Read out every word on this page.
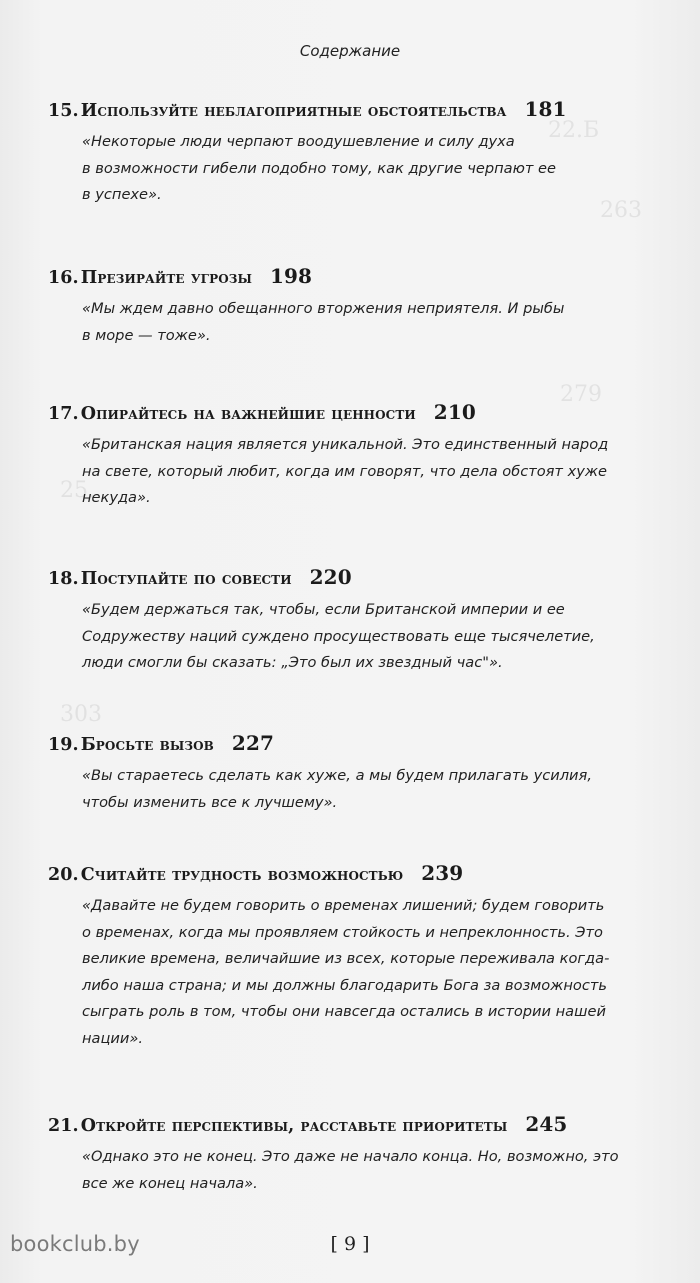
22.Б
263
279
25.
303
Содержание
15. Используйте неблагоприятные обстоятельства 181
«Некоторые люди черпают воодушевление и силу духа
в возможности гибели подобно тому, как другие черпают ее
в успехе».
16. Презирайте угрозы 198
«Мы ждем давно обещанного вторжения неприятеля. И рыбы
в море — тоже».
17. Опирайтесь на важнейшие ценности 210
«Британская нация является уникальной. Это единственный народ
на свете, который любит, когда им говорят, что дела обстоят хуже
некуда».
18. Поступайте по совести 220
«Будем держаться так, чтобы, если Британской империи и ее
Содружеству наций суждено просуществовать еще тысячелетие,
люди смогли бы сказать: „Это был их звездный час"».
19. Бросьте вызов 227
«Вы стараетесь сделать как хуже, а мы будем прилагать усилия,
чтобы изменить все к лучшему».
20. Считайте трудность возможностью 239
«Давайте не будем говорить о временах лишений; будем говорить
о временах, когда мы проявляем стойкость и непреклонность. Это
великие времена, величайшие из всех, которые переживала когда-
либо наша страна; и мы должны благодарить Бога за возможность
сыграть роль в том, чтобы они навсегда остались в истории нашей
нации».
21. Откройте перспективы, расставьте приоритеты 245
«Однако это не конец. Это даже не начало конца. Но, возможно, это
все же конец начала».
[ 9 ]
bookclub.by
